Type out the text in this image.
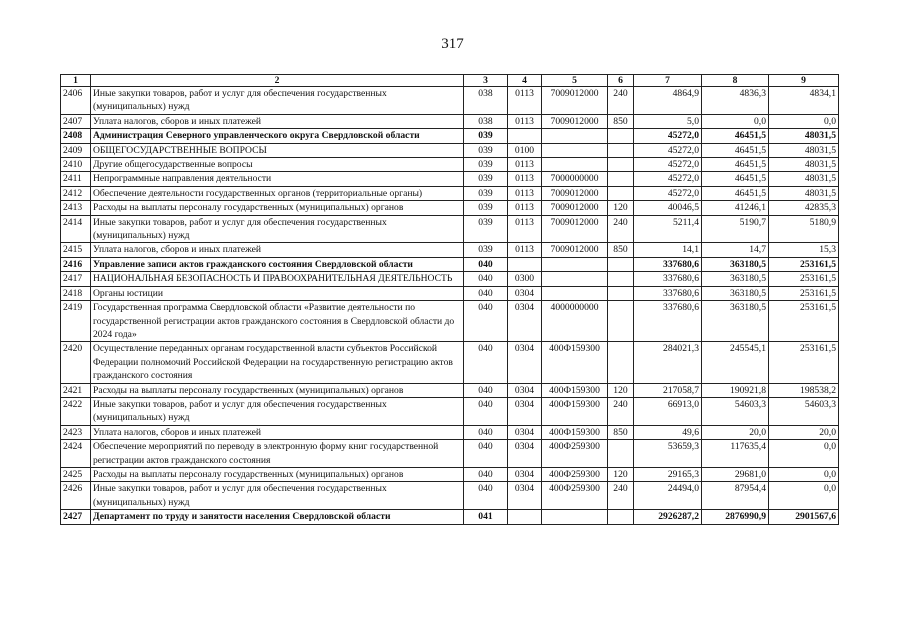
317
1	2	3	4	5	6	7	8	9
2406	Иные закупки товаров, работ и услуг для обеспечения государственных (муниципальных) нужд	038	0113	7009012000	240	4864,9	4836,3	4834,1
2407	Уплата налогов, сборов и иных платежей	038	0113	7009012000	850	5,0	0,0	0,0
2408	Администрация Северного управленческого округа Свердловской области	039				45272,0	46451,5	48031,5
2409	ОБЩЕГОСУДАРСТВЕННЫЕ ВОПРОСЫ	039	0100			45272,0	46451,5	48031,5
2410	Другие общегосударственные вопросы	039	0113			45272,0	46451,5	48031,5
2411	Непрограммные направления деятельности	039	0113	7000000000		45272,0	46451,5	48031,5
2412	Обеспечение деятельности государственных органов (территориальные органы)	039	0113	7009012000		45272,0	46451,5	48031,5
2413	Расходы на выплаты персоналу государственных (муниципальных) органов	039	0113	7009012000	120	40046,5	41246,1	42835,3
2414	Иные закупки товаров, работ и услуг для обеспечения государственных (муниципальных) нужд	039	0113	7009012000	240	5211,4	5190,7	5180,9
2415	Уплата налогов, сборов и иных платежей	039	0113	7009012000	850	14,1	14,7	15,3
2416	Управление записи актов гражданского состояния Свердловской области	040				337680,6	363180,5	253161,5
2417	НАЦИОНАЛЬНАЯ БЕЗОПАСНОСТЬ И ПРАВООХРАНИТЕЛЬНАЯ ДЕЯТЕЛЬНОСТЬ	040	0300			337680,6	363180,5	253161,5
2418	Органы юстиции	040	0304			337680,6	363180,5	253161,5
2419	Государственная программа Свердловской области «Развитие деятельности по государственной регистрации актов гражданского состояния в Свердловской области до 2024 года»	040	0304	4000000000		337680,6	363180,5	253161,5
2420	Осуществление переданных органам государственной власти субъектов Российской Федерации полномочий Российской Федерации на государственную регистрацию актов гражданского состояния	040	0304	400Ф159300		284021,3	245545,1	253161,5
2421	Расходы на выплаты персоналу государственных (муниципальных) органов	040	0304	400Ф159300	120	217058,7	190921,8	198538,2
2422	Иные закупки товаров, работ и услуг для обеспечения государственных (муниципальных) нужд	040	0304	400Ф159300	240	66913,0	54603,3	54603,3
2423	Уплата налогов, сборов и иных платежей	040	0304	400Ф159300	850	49,6	20,0	20,0
2424	Обеспечение мероприятий по переводу в электронную форму книг государственной регистрации актов гражданского состояния	040	0304	400Ф259300		53659,3	117635,4	0,0
2425	Расходы на выплаты персоналу государственных (муниципальных) органов	040	0304	400Ф259300	120	29165,3	29681,0	0,0
2426	Иные закупки товаров, работ и услуг для обеспечения государственных (муниципальных) нужд	040	0304	400Ф259300	240	24494,0	87954,4	0,0
2427	Департамент по труду и занятости населения Свердловской области	041				2926287,2	2876990,9	2901567,6
